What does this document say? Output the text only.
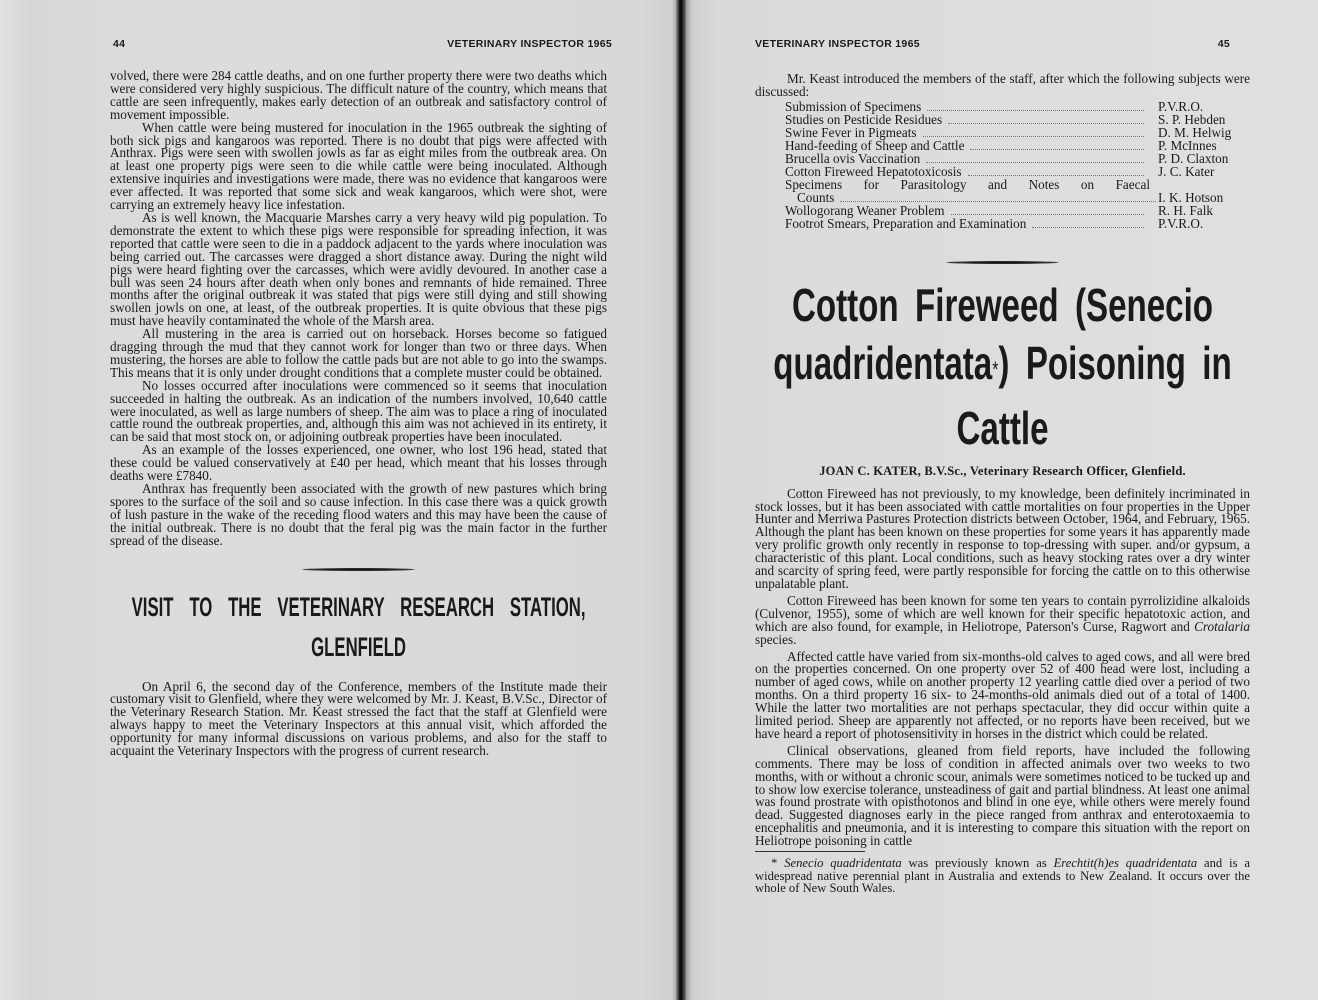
44	VETERINARY INSPECTOR 1965

volved, there were 284 cattle deaths, and on one further property there were two deaths which were considered very highly suspicious. The difficult nature of the country, which means that cattle are seen infrequently, makes early detection of an outbreak and satisfactory control of movement impossible.

When cattle were being mustered for inoculation in the 1965 outbreak the sighting of both sick pigs and kangaroos was reported. There is no doubt that pigs were affected with Anthrax. Pigs were seen with swollen jowls as far as eight miles from the outbreak area. On at least one property pigs were seen to die while cattle were being inoculated. Although extensive inquiries and investigations were made, there was no evidence that kangaroos were ever affected. It was reported that some sick and weak kangaroos, which were shot, were carrying an extremely heavy lice infestation.

As is well known, the Macquarie Marshes carry a very heavy wild pig population. To demonstrate the extent to which these pigs were responsible for spreading infection, it was reported that cattle were seen to die in a paddock adjacent to the yards where inoculation was being carried out. The carcasses were dragged a short distance away. During the night wild pigs were heard fighting over the carcasses, which were avidly devoured. In another case a bull was seen 24 hours after death when only bones and remnants of hide remained. Three months after the original outbreak it was stated that pigs were still dying and still showing swollen jowls on one, at least, of the outbreak properties. It is quite obvious that these pigs must have heavily contaminated the whole of the Marsh area.

All mustering in the area is carried out on horseback. Horses become so fatigued dragging through the mud that they cannot work for longer than two or three days. When mustering, the horses are able to follow the cattle pads but are not able to go into the swamps. This means that it is only under drought conditions that a complete muster could be obtained.

No losses occurred after inoculations were commenced so it seems that inoculation succeeded in halting the outbreak. As an indication of the numbers involved, 10,640 cattle were inoculated, as well as large numbers of sheep. The aim was to place a ring of inoculated cattle round the outbreak properties, and, although this aim was not achieved in its entirety, it can be said that most stock on, or adjoining outbreak properties have been inoculated.

As an example of the losses experienced, one owner, who lost 196 head, stated that these could be valued conservatively at £40 per head, which meant that his losses through deaths were £7840.

Anthrax has frequently been associated with the growth of new pastures which bring spores to the surface of the soil and so cause infection. In this case there was a quick growth of lush pasture in the wake of the receding flood waters and this may have been the cause of the initial outbreak. There is no doubt that the feral pig was the main factor in the further spread of the disease.

VISIT TO THE VETERINARY RESEARCH STATION,
GLENFIELD

On April 6, the second day of the Conference, members of the Institute made their customary visit to Glenfield, where they were welcomed by Mr. J. Keast, B.V.Sc., Director of the Veterinary Research Station. Mr. Keast stressed the fact that the staff at Glenfield were always happy to meet the Veterinary Inspectors at this annual visit, which afforded the opportunity for many informal discussions on various problems, and also for the staff to acquaint the Veterinary Inspectors with the progress of current research.

VETERINARY INSPECTOR 1965	45

Mr. Keast introduced the members of the staff, after which the following subjects were discussed:

Submission of Specimens	P.V.R.O.
Studies on Pesticide Residues	S. P. Hebden
Swine Fever in Pigmeats	D. M. Helwig
Hand-feeding of Sheep and Cattle	P. McInnes
Brucella ovis Vaccination	P. D. Claxton
Cotton Fireweed Hepatotoxicosis	J. C. Kater
Specimens for Parasitology and Notes on Faecal
Counts	I. K. Hotson
Wollogorang Weaner Problem	R. H. Falk
Footrot Smears, Preparation and Examination	P.V.R.O.
Cotton Fireweed (Senecio
quadridentata*) Poisoning in Cattle
JOAN C. KATER, B.V.Sc., Veterinary Research Officer, Glenfield.

Cotton Fireweed has not previously, to my knowledge, been definitely incriminated in stock losses, but it has been associated with cattle mortalities on four properties in the Upper Hunter and Merriwa Pastures Protection districts between October, 1964, and February, 1965. Although the plant has been known on these properties for some years it has apparently made very prolific growth only recently in response to top-dressing with super. and/or gypsum, a characteristic of this plant. Local conditions, such as heavy stocking rates over a dry winter and scarcity of spring feed, were partly responsible for forcing the cattle on to this otherwise unpalatable plant.

Cotton Fireweed has been known for some ten years to contain pyrrolizidine alkaloids (Culvenor, 1955), some of which are well known for their specific hepatotoxic action, and which are also found, for example, in Heliotrope, Paterson's Curse, Ragwort and Crotalaria species.

Affected cattle have varied from six-months-old calves to aged cows, and all were bred on the properties concerned. On one property over 52 of 400 head were lost, including a number of aged cows, while on another property 12 yearling cattle died over a period of two months. On a third property 16 six- to 24-months-old animals died out of a total of 1400. While the latter two mortalities are not perhaps spectacular, they did occur within quite a limited period. Sheep are apparently not affected, or no reports have been received, but we have heard a report of photosensitivity in horses in the district which could be related.

Clinical observations, gleaned from field reports, have included the following comments. There may be loss of condition in affected animals over two weeks to two months, with or without a chronic scour, animals were sometimes noticed to be tucked up and to show low exercise tolerance, unsteadiness of gait and partial blindness. At least one animal was found prostrate with opisthotonos and blind in one eye, while others were merely found dead. Suggested diagnoses early in the piece ranged from anthrax and enterotoxaemia to encephalitis and pneumonia, and it is interesting to compare this situation with the report on Heliotrope poisoning in cattle

* Senecio quadridentata was previously known as Erechtit(h)es quadridentata and is a widespread native perennial plant in Australia and extends to New Zealand. It occurs over the whole of New South Wales.
